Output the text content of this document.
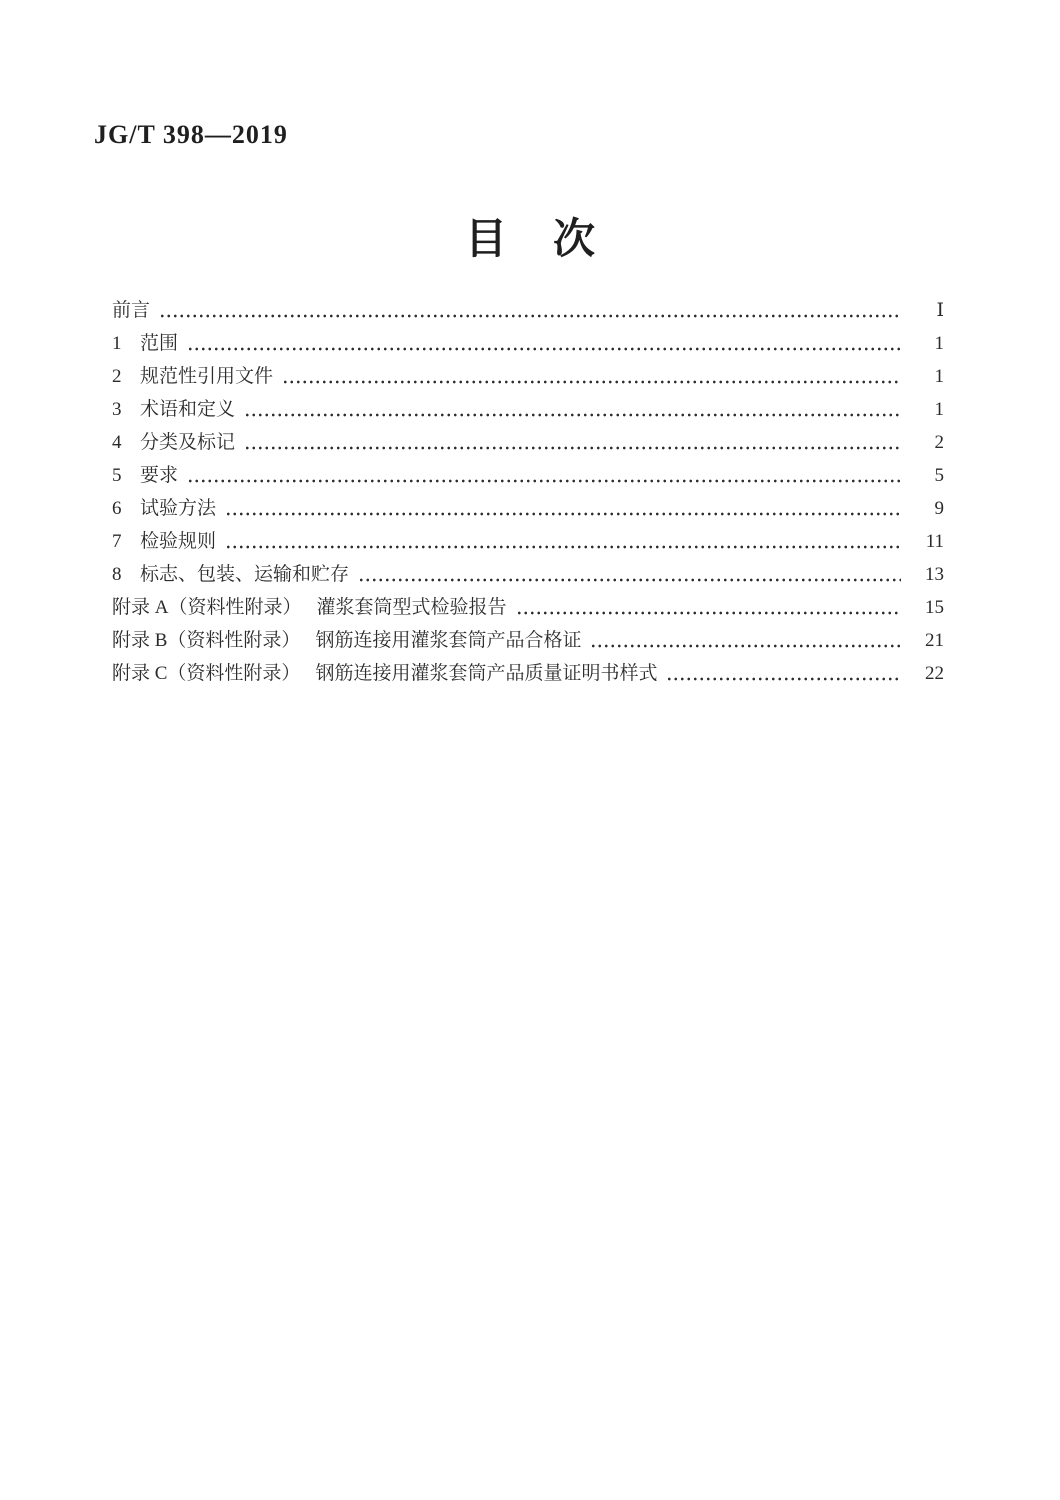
JG/T 398—2019
目次
前言	Ⅰ
1 范围	1
2 规范性引用文件	1
3 术语和定义	1
4 分类及标记	2
5 要求	5
6 试验方法	9
7 检验规则	11
8 标志、包装、运输和贮存	13
附录 A（资料性附录） 灌浆套筒型式检验报告	15
附录 B（资料性附录） 钢筋连接用灌浆套筒产品合格证	21
附录 C（资料性附录） 钢筋连接用灌浆套筒产品质量证明书样式	22
